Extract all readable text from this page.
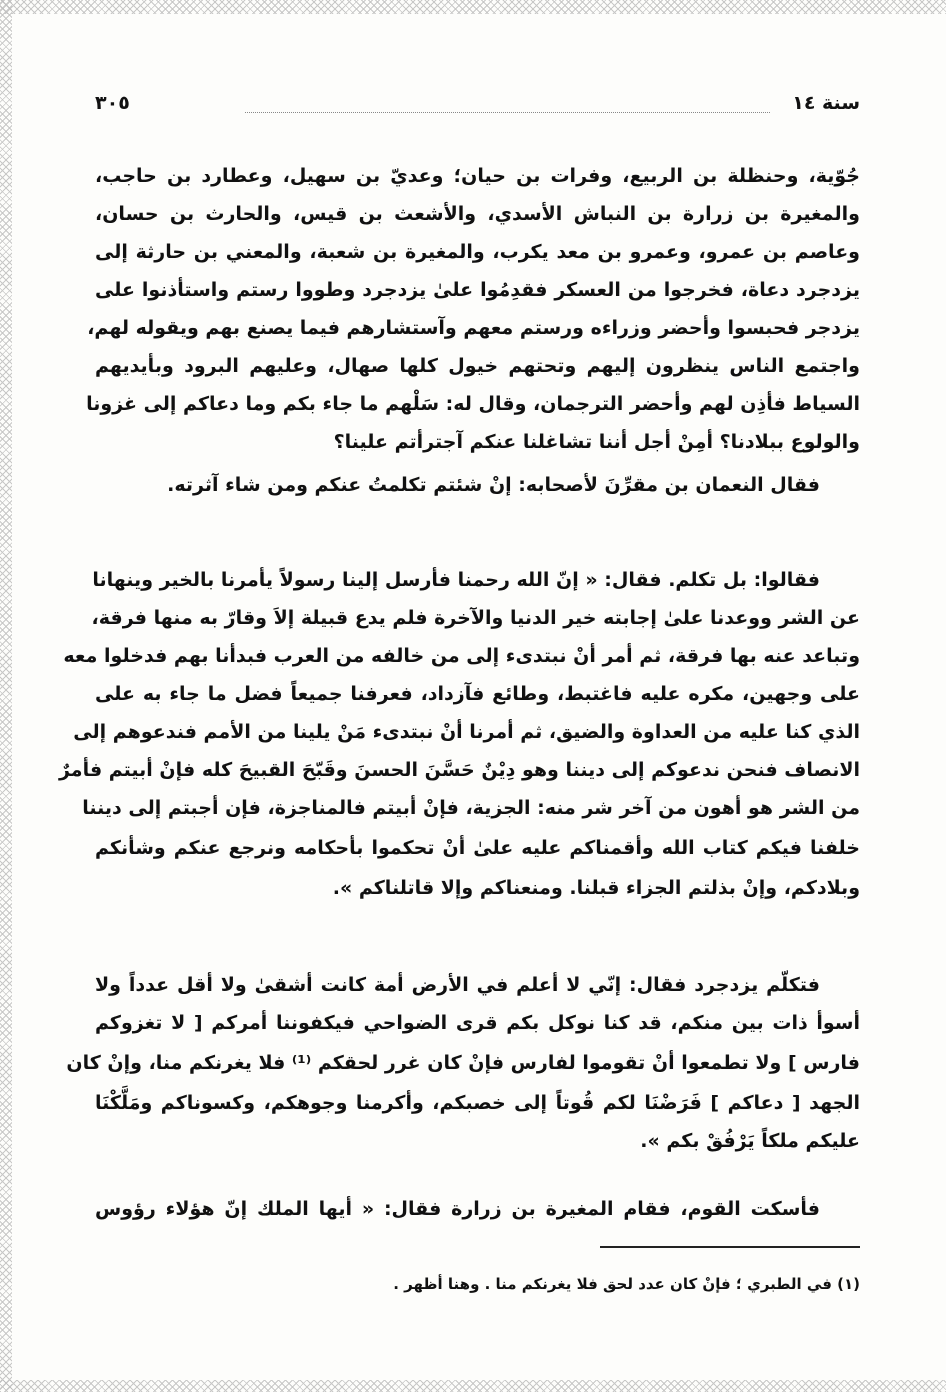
سنة ١٤
٣٠٥
جُوّية، وحنظلة بن الربيع، وفرات بن حيان؛ وعديّ بن سهيل، وعطارد بن حاجب،
والمغيرة بن زرارة بن النباش الأسدي، والأشعث بن قيس، والحارث بن حسان،
وعاصم بن عمرو، وعمرو بن معد يكرب، والمغيرة بن شعبة، والمعني بن حارثة إلى
يزدجرد دعاة، فخرجوا من العسكر فقدِمُوا علىٰ يزدجرد وطووا رستم واستأذنوا على
يزدجر فحبسوا وأحضر وزراءه ورستم معهم وآستشارهم فيما يصنع بهم ويقوله لهم،
واجتمع الناس ينظرون إليهم وتحتهم خيول كلها صهال، وعليهم البرود وبأيديهم
السياط فأذِن لهم وأحضر الترجمان، وقال له: سَلْهم ما جاء بكم وما دعاكم إلى غزونا
والولوع ببلادنا؟ أمِنْ أجل أننا تشاغلنا عنكم آجترأتم علينا؟
فقال النعمان بن مقرِّنَ لأصحابه: إنْ شئتم تكلمتُ عنكم ومن شاء آثرته.
فقالوا: بل تكلم. فقال: « إنّ الله رحمنا فأرسل إلينا رسولاً يأمرنا بالخير وينهانا
عن الشر ووعدنا علىٰ إجابته خير الدنيا والآخرة فلم يدع قبيلة إلاَ وقارّ به منها فرقة،
وتباعد عنه بها فرقة، ثم أمر أنْ نبتدىء إلى من خالفه من العرب فبدأنا بهم فدخلوا معه
على وجهين، مكره عليه فاغتبط، وطائع فآزداد، فعرفنا جميعاً فضل ما جاء به على
الذي كنا عليه من العداوة والضيق، ثم أمرنا أنْ نبتدىء مَنْ يلينا من الأمم فندعوهم إلى
الانصاف فنحن ندعوكم إلى ديننا وهو دِيْنٌ حَسَّنَ الحسنَ وقَبّحَ القبيحَ كله فإنْ أبيتم فأمرٌ
من الشر هو أهون من آخر شر منه: الجزية، فإنْ أبيتم فالمناجزة، فإن أجبتم إلى ديننا
خلفنا فيكم كتاب الله وأقمناكم عليه علىٰ أنْ تحكموا بأحكامه ونرجع عنكم وشأنكم
وبلادكم، وإنْ بذلتم الجزاء قبلنا. ومنعناكم وإلا قاتلناكم ».
فتكلّم يزدجرد فقال: إنّي لا أعلم في الأرض أمة كانت أشقىٰ ولا أقل عدداً ولا
أسوأ ذات بين منكم، قد كنا نوكل بكم قرى الضواحي فيكفوننا أمركم [ لا تغزوكم
فارس ] ولا تطمعوا أنْ تقوموا لفارس فإنْ كان غرر لحقكم ⁽¹⁾ فلا يغرنكم منا، وإنْ كان
الجهد [ دعاكم ] فَرَضْنَا لكم قُوتاً إلى خصبكم، وأكرمنا وجوهكم، وكسوناكم ومَلَّكْنَا
عليكم ملكاً يَرْفُقْ بكم ».
فأسكت القوم، فقام المغيرة بن زرارة فقال: « أيها الملك إنّ هؤلاء رؤوس
(١) في الطبري ؛ فإنْ كان عدد لحق فلا يغرنكم منا . وهنا أظهر .
